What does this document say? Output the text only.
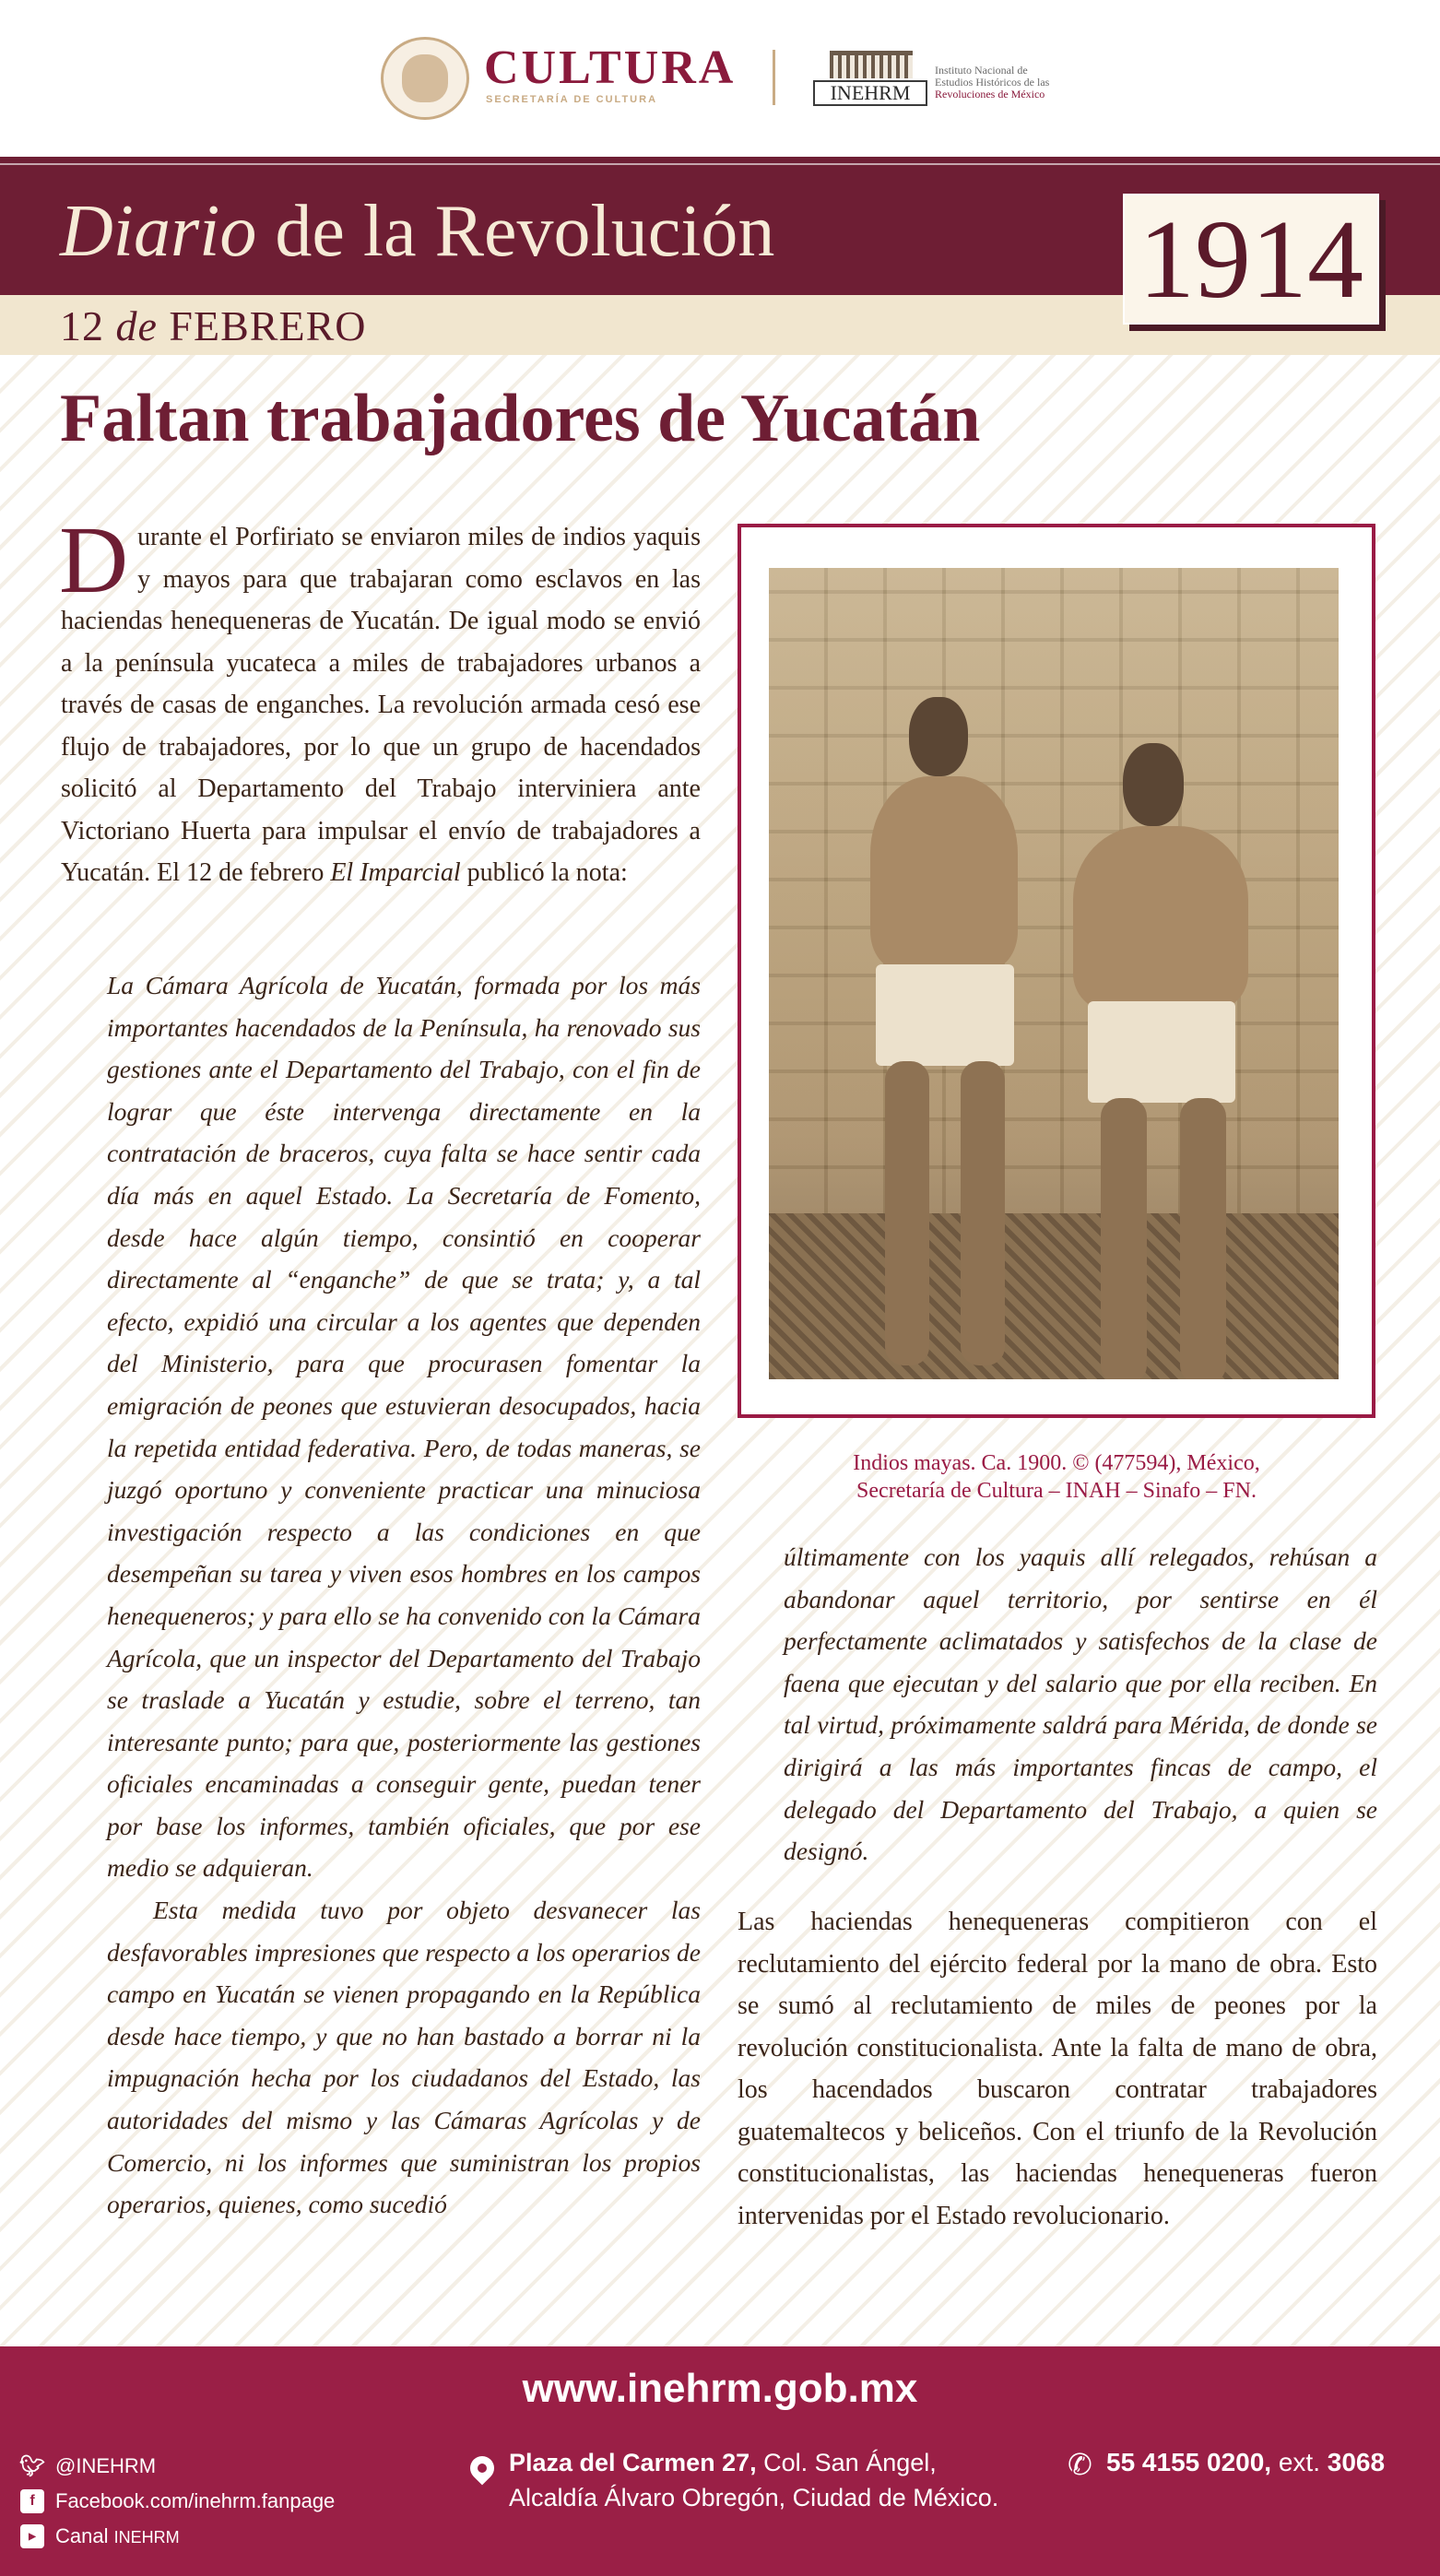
CULTURA
SECRETARÍA DE CULTURA	INEHRM
Instituto Nacional de
Estudios Históricos de las
Revoluciones de México
Diario de la Revolución
12 de FEBRERO
1914
Faltan trabajadores de Yucatán
Durante el Porfiriato se enviaron miles de indios yaquis y mayos para que trabajaran como esclavos en las haciendas henequeneras de Yucatán. De igual modo se envió a la península yucateca a miles de trabajadores urbanos a través de casas de enganches. La revolución armada cesó ese flujo de trabajadores, por lo que un grupo de hacendados solicitó al Departamento del Trabajo interviniera ante Victoriano Huerta para impulsar el envío de trabajadores a Yucatán. El 12 de febrero El Imparcial publicó la nota:

La Cámara Agrícola de Yucatán, formada por los más importantes hacendados de la Península, ha renovado sus gestiones ante el Departamento del Trabajo, con el fin de lograr que éste intervenga directamente en la contratación de braceros, cuya falta se hace sentir cada día más en aquel Estado. La Secretaría de Fomento, desde hace algún tiempo, consintió en cooperar directamente al “enganche” de que se trata; y, a tal efecto, expidió una circular a los agentes que dependen del Ministerio, para que procurasen fomentar la emigración de peones que estuvieran desocupados, hacia la repetida entidad federativa. Pero, de todas maneras, se juzgó oportuno y conveniente practicar una minuciosa investigación respecto a las condiciones en que desempeñan su tarea y viven esos hombres en los campos henequeneros; y para ello se ha convenido con la Cámara Agrícola, que un inspector del Departamento del Trabajo se traslade a Yucatán y estudie, sobre el terreno, tan interesante punto; para que, posteriormente las gestiones oficiales encaminadas a conseguir gente, puedan tener por base los informes, también oficiales, que por ese medio se adquieran.

Esta medida tuvo por objeto desvanecer las desfavorables impresiones que respecto a los operarios de campo en Yucatán se vienen propagando en la República desde hace tiempo, y que no han bastado a borrar ni la impugnación hecha por los ciudadanos del Estado, las autoridades del mismo y las Cámaras Agrícolas y de Comercio, ni los informes que suministran los propios operarios, quienes, como sucedió

Indios mayas. Ca. 1900. © (477594), México,
Secretaría de Cultura – INAH – Sinafo – FN.

últimamente con los yaquis allí relegados, rehúsan a abandonar aquel territorio, por sentirse en él perfectamente aclimatados y satisfechos de la clase de faena que ejecutan y del salario que por ella reciben. En tal virtud, próximamente saldrá para Mérida, de donde se dirigirá a las más importantes fincas de campo, el delegado del Departamento del Trabajo, a quien se designó.

Las haciendas henequeneras compitieron con el reclutamiento del ejército federal por la mano de obra. Esto se sumó al reclutamiento de miles de peones por la revolución constitucionalista. Ante la falta de mano de obra, los hacendados buscaron contratar trabajadores guatemaltecos y beliceños. Con el triunfo de la Revolución constitucionalistas, las haciendas henequeneras fueron intervenidas por el Estado revolucionario.
www.inehrm.gob.mx
🐦︎ @INEHRM
f	Facebook.com/inehrm.fanpage
▶ Canal INEHRM
Plaza del Carmen 27, Col. San Ángel,
Alcaldía Álvaro Obregón, Ciudad de México.
✆ 55 4155 0200, ext. 3068
